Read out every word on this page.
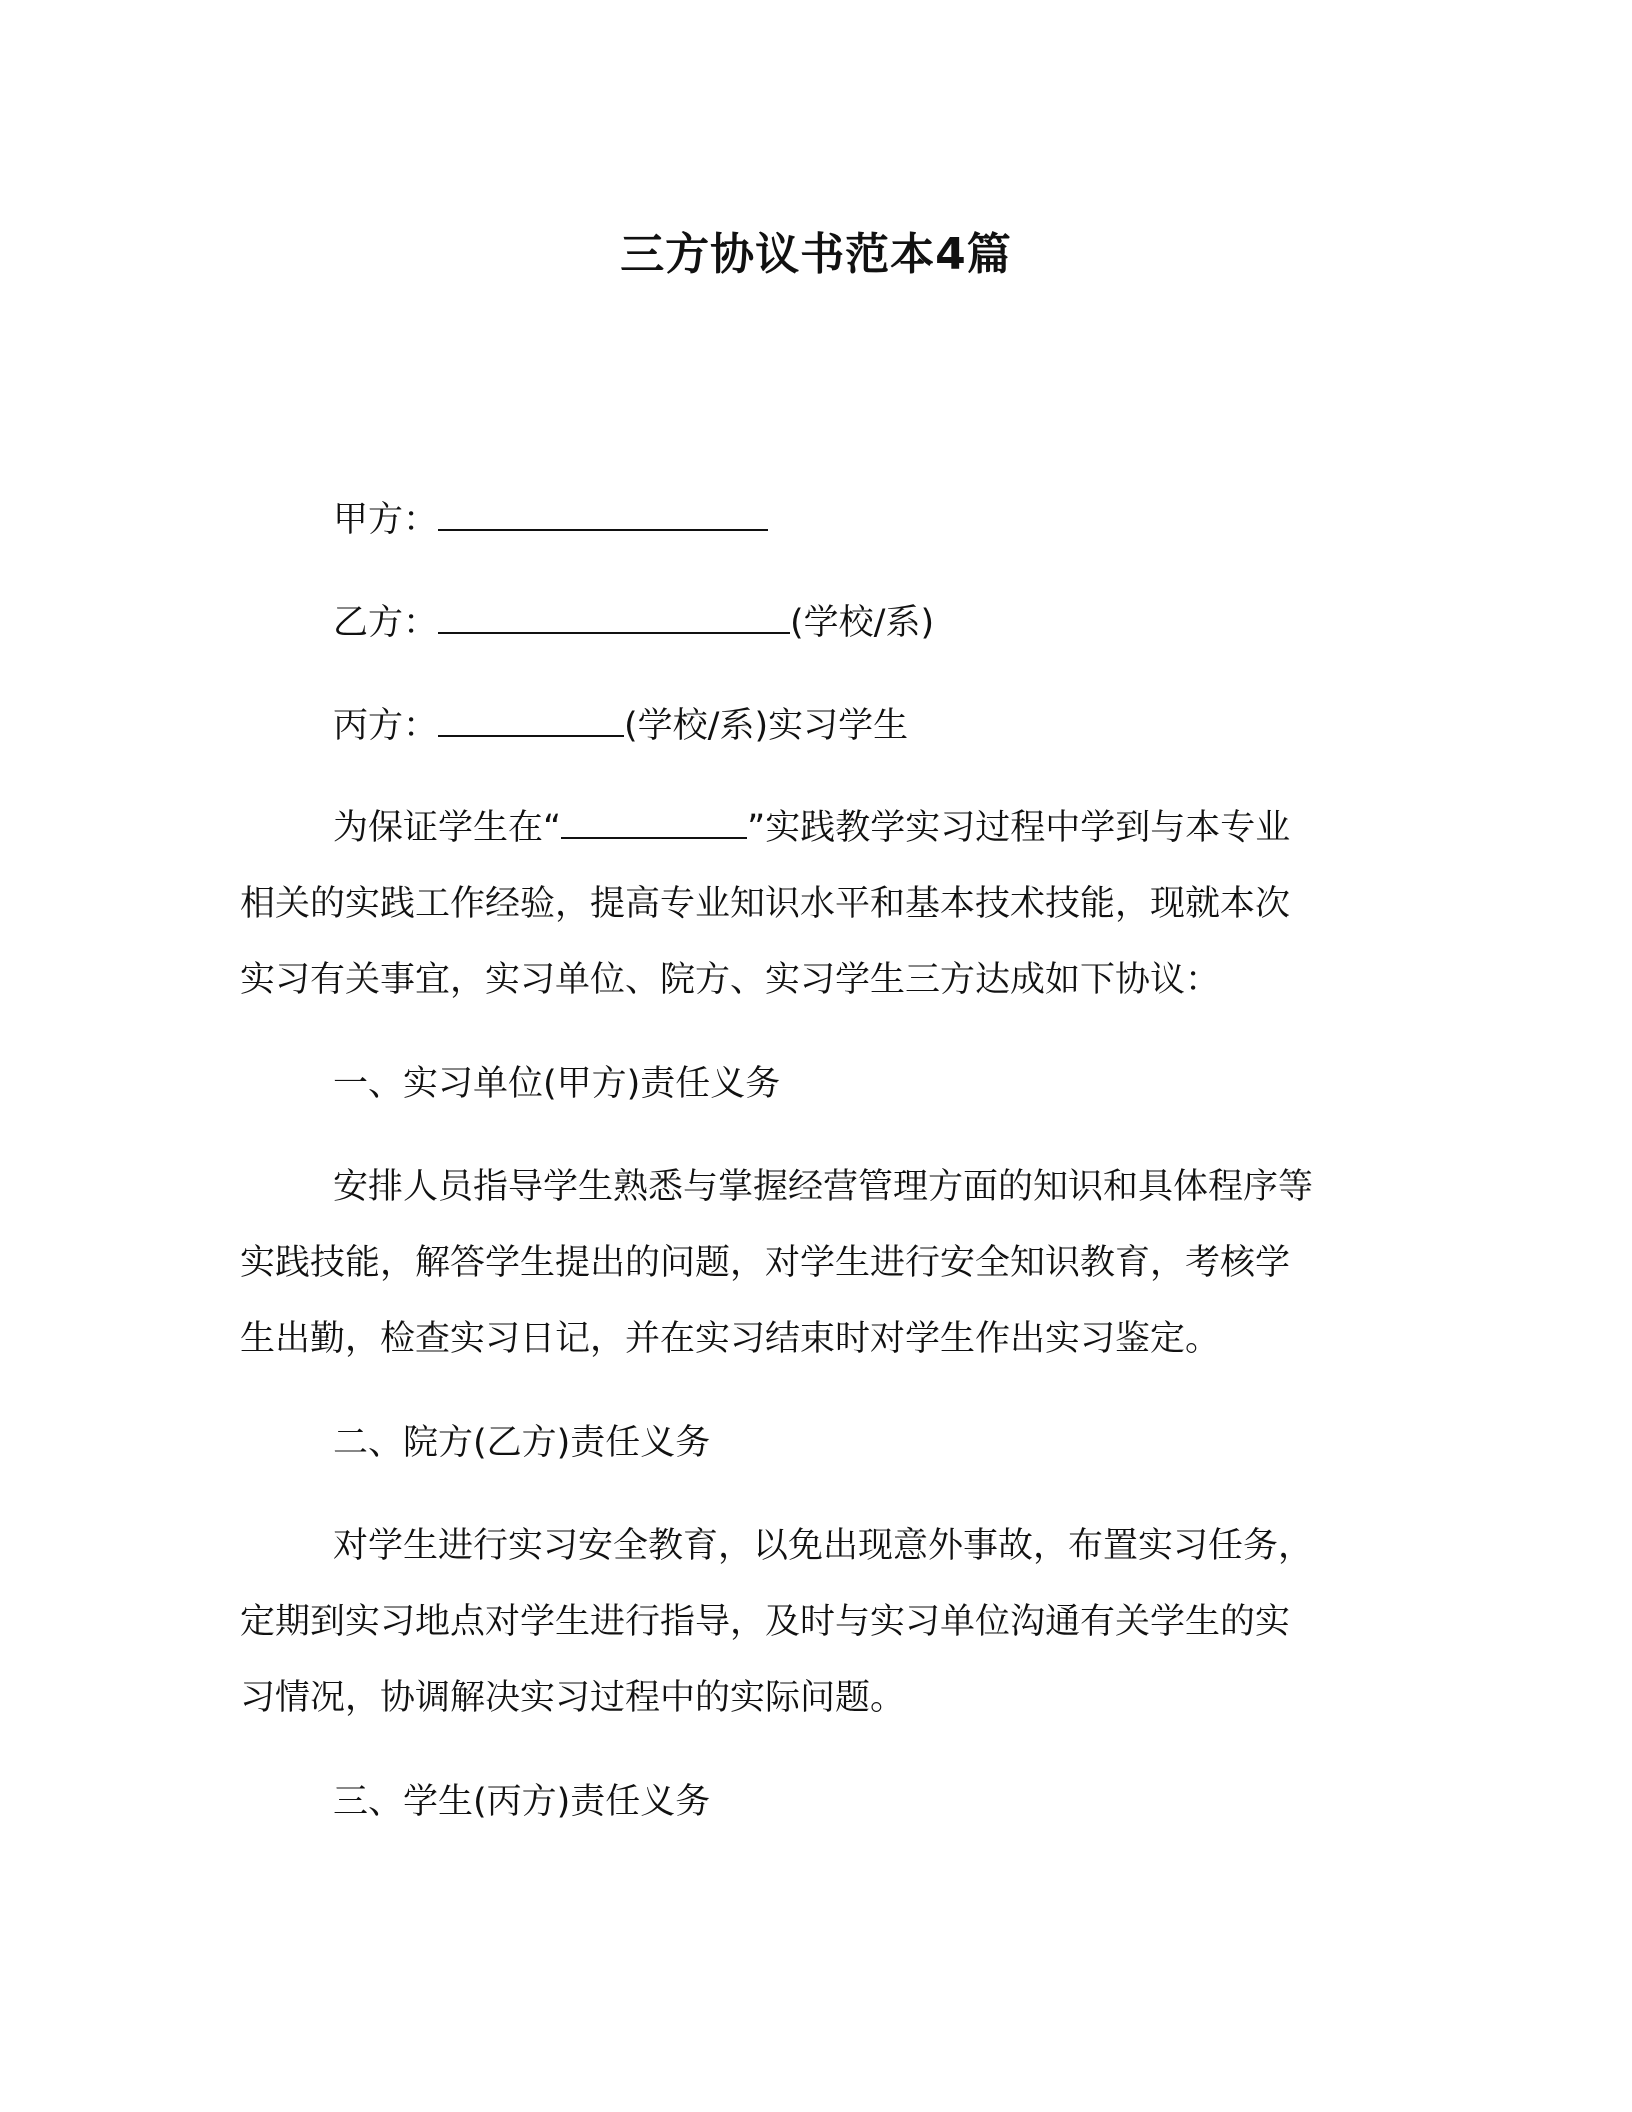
三方协议书范本4篇
甲方：
乙方：	(学校/系)
丙方：	(学校/系)实习学生
为保证学生在“	”实践教学实习过程中学到与本专业
相关的实践工作经验，提高专业知识水平和基本技术技能，现就本次
实习有关事宜，实习单位、院方、实习学生三方达成如下协议：
一、实习单位(甲方)责任义务
安排人员指导学生熟悉与掌握经营管理方面的知识和具体程序等
实践技能，解答学生提出的问题，对学生进行安全知识教育，考核学
生出勤，检查实习日记，并在实习结束时对学生作出实习鉴定。
二、院方(乙方)责任义务
对学生进行实习安全教育，以免出现意外事故，布置实习任务，
定期到实习地点对学生进行指导，及时与实习单位沟通有关学生的实
习情况，协调解决实习过程中的实际问题。
三、学生(丙方)责任义务
